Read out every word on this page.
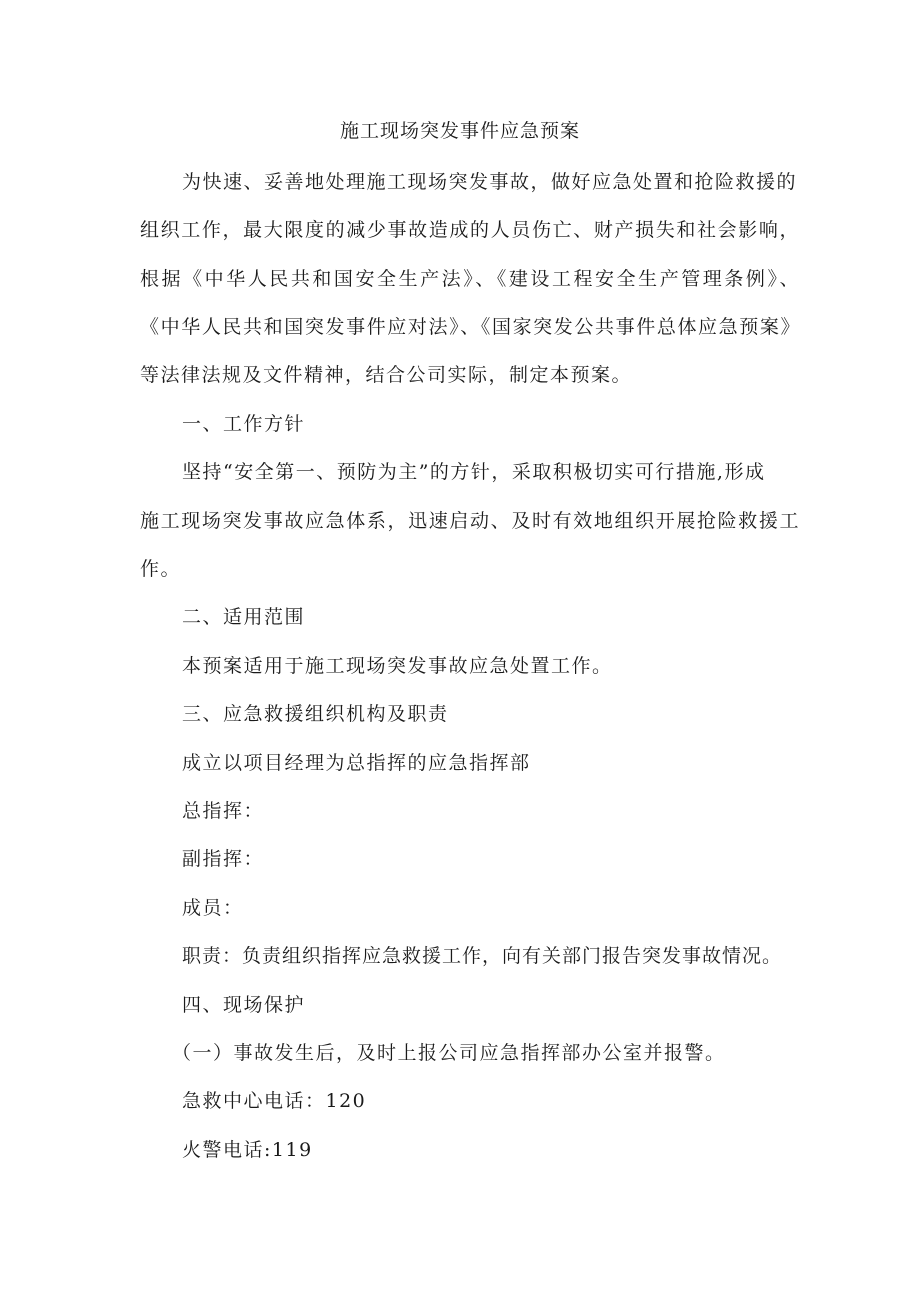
施工现场突发事件应急预案
为快速、妥善地处理施工现场突发事故，做好应急处置和抢险救援的
组织工作，最大限度的减少事故造成的人员伤亡、财产损失和社会影响，
根据《中华人民共和国安全生产法》、《建设工程安全生产管理条例》、
《中华人民共和国突发事件应对法》、《国家突发公共事件总体应急预案》
等法律法规及文件精神，结合公司实际，制定本预案。
一、工作方针
坚持“安全第一、预防为主”的方针，采取积极切实可行措施,形成
施工现场突发事故应急体系，迅速启动、及时有效地组织开展抢险救援工
作。
二、适用范围
本预案适用于施工现场突发事故应急处置工作。
三、应急救援组织机构及职责
成立以项目经理为总指挥的应急指挥部
总指挥：
副指挥：
成员：
职责：负责组织指挥应急救援工作，向有关部门报告突发事故情况。
四、现场保护
（一）事故发生后，及时上报公司应急指挥部办公室并报警。
急救中心电话：120
火警电话:119
